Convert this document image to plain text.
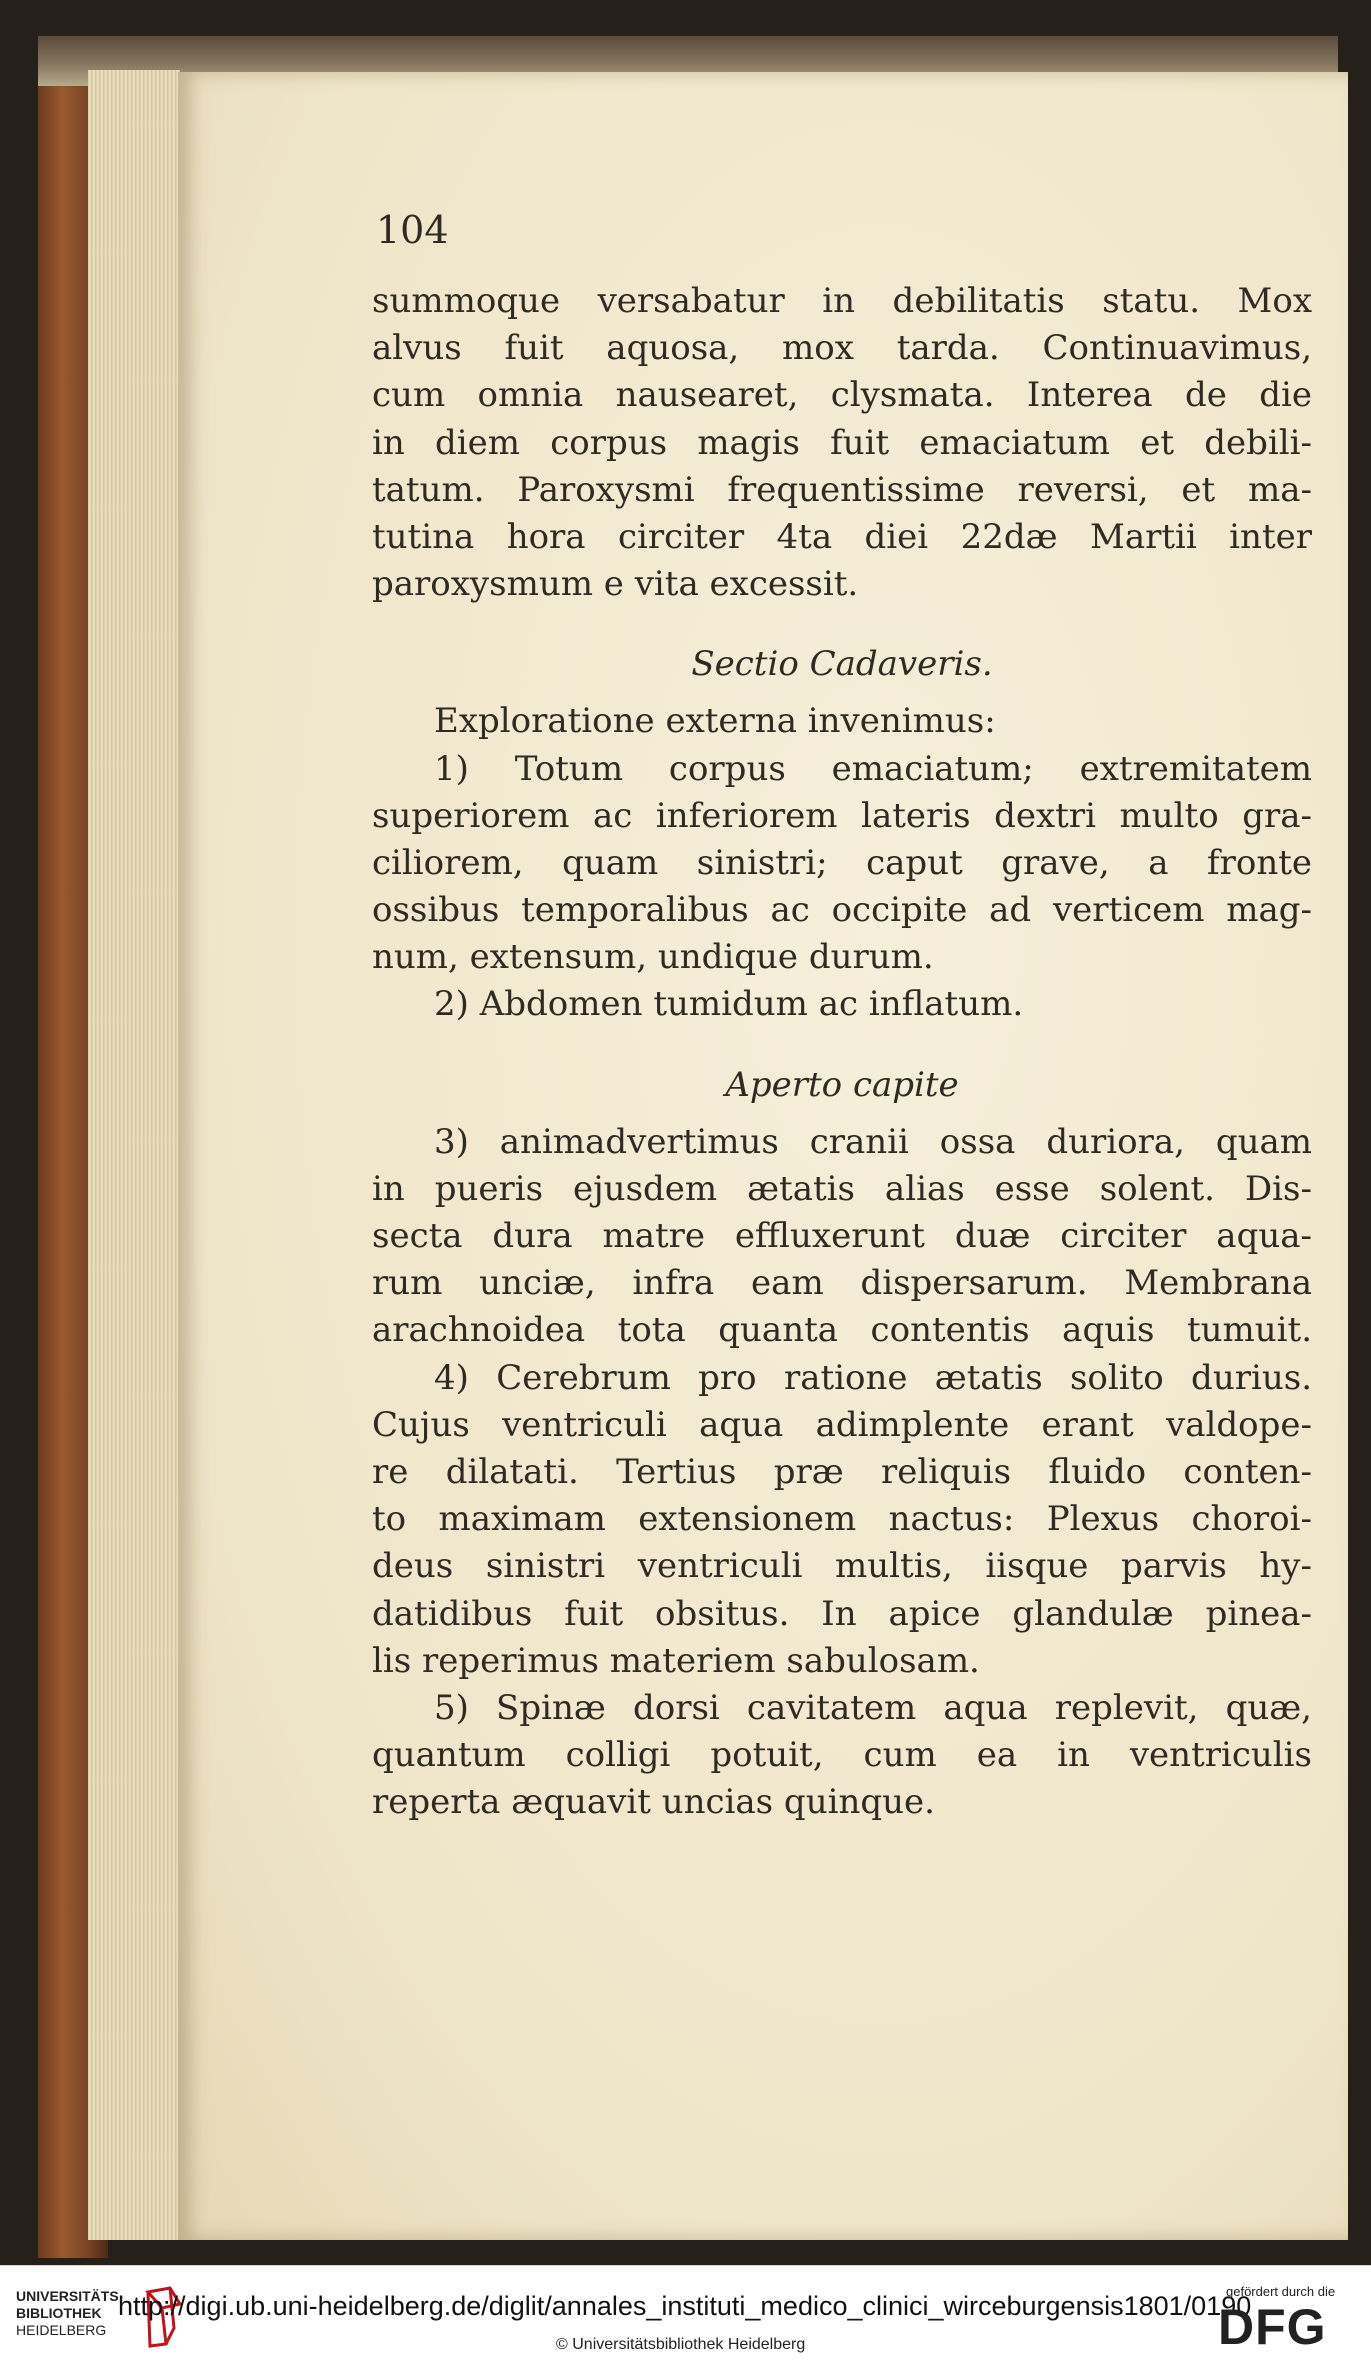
104
summoque versabatur in debilitatis statu. Mox
alvus fuit aquosa, mox tarda. Continuavimus,
cum omnia nausearet, clysmata. Interea de die
in diem corpus magis fuit emaciatum et debili-
tatum. Paroxysmi frequentissime reversi, et ma-
tutina hora circiter 4ta diei 22dæ Martii inter
paroxysmum e vita excessit.
Sectio Cadaveris.
Exploratione externa invenimus:
1) Totum corpus emaciatum; extremitatem
superiorem ac inferiorem lateris dextri multo gra-
ciliorem, quam sinistri; caput grave, a fronte
ossibus temporalibus ac occipite ad verticem mag-
num, extensum, undique durum.
2) Abdomen tumidum ac inflatum.
Aperto capite
3) animadvertimus cranii ossa duriora, quam
in pueris ejusdem ætatis alias esse solent. Dis-
secta dura matre effluxerunt duæ circiter aqua-
rum unciæ, infra eam dispersarum. Membrana
arachnoidea tota quanta contentis aquis tumuit.
4) Cerebrum pro ratione ætatis solito durius.
Cujus ventriculi aqua adimplente erant valdope-
re dilatati. Tertius præ reliquis fluido conten-
to maximam extensionem nactus: Plexus choroi-
deus sinistri ventriculi multis, iisque parvis hy-
datidibus fuit obsitus. In apice glandulæ pinea-
lis reperimus materiem sabulosam.
5) Spinæ dorsi cavitatem aqua replevit, quæ,
quantum colligi potuit, cum ea in ventriculis
reperta æquavit uncias quinque.
UNIVERSITÄTS
BIBLIOTHEK
HEIDELBERG
http://digi.ub.uni-heidelberg.de/diglit/annales_instituti_medico_clinici_wirceburgensis1801/0190
© Universitätsbibliothek Heidelberg
gefördert durch die
DFG
